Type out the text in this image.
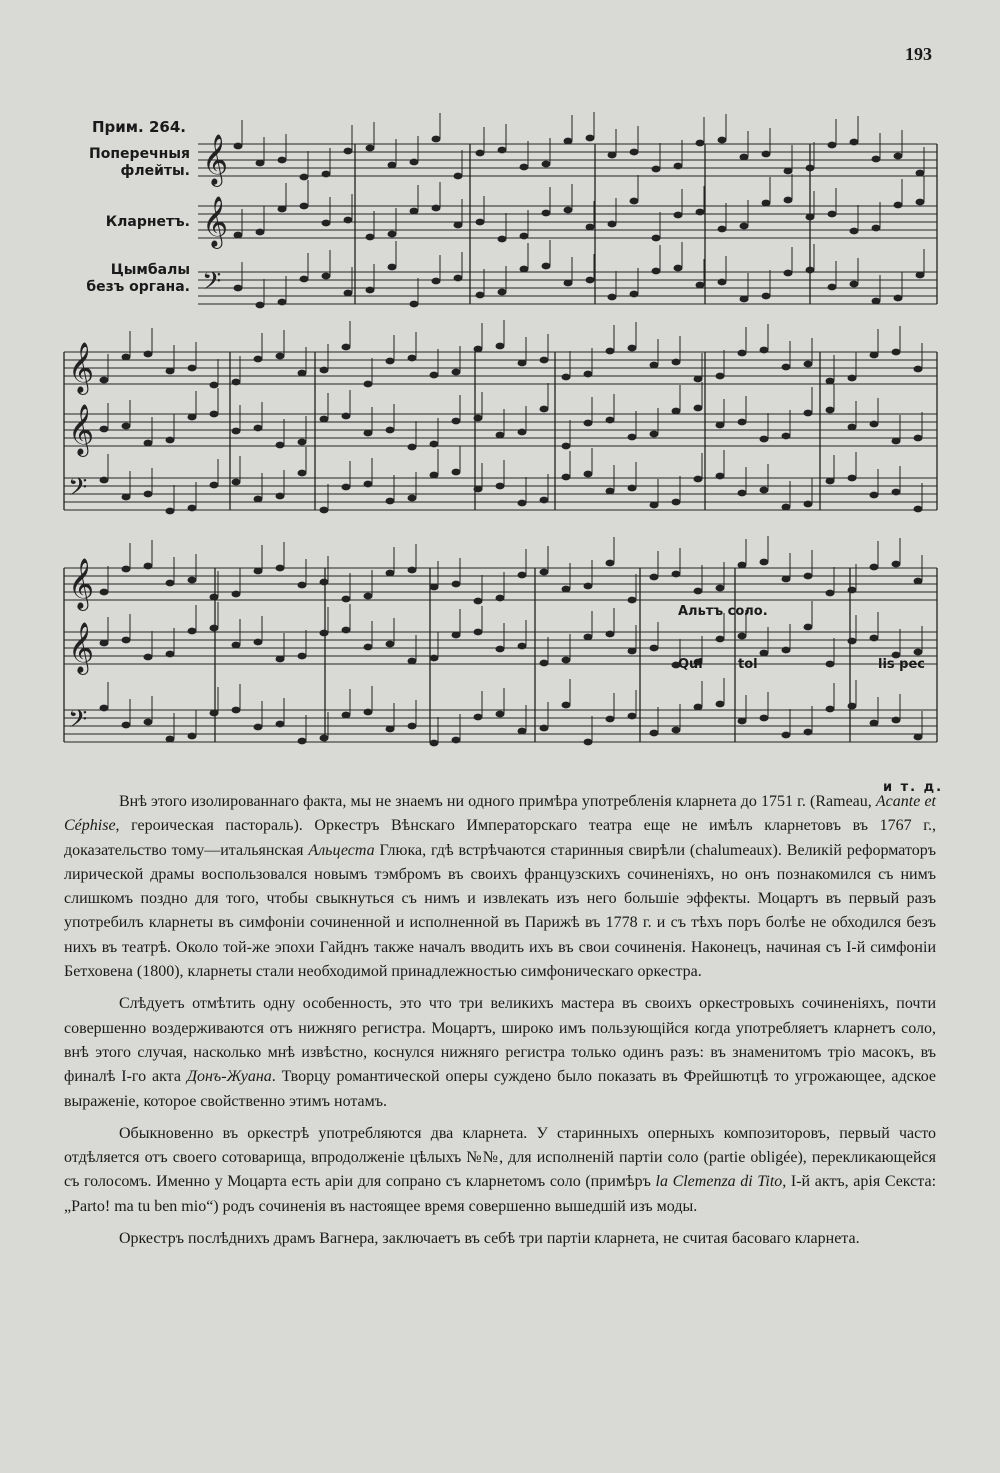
193
Прим. 264.
Поперечныя
флейты.
Кларнетъ.
Цымбалы
безъ органа.
𝄞
𝄞
𝄢
𝄞
𝄞
𝄢
𝄞
𝄞
𝄢
Альтъ соло.
Qui	tol	lis pec
и т. д.

Внѣ этого изолированнаго факта, мы не знаемъ ни одного примѣра употребленія кларнета до 1751 г. (Rameau, Acante et Céphise, героическая пастораль). Оркестръ Вѣнскаго Императорскаго театра еще не имѣлъ кларнетовъ въ 1767 г., доказательство тому—итальянская Альцеста Глюка, гдѣ встрѣчаются старинныя свирѣли (chalumeaux). Великій реформаторъ лирической драмы воспользовался новымъ тэмбромъ въ своихъ французскихъ сочиненіяхъ, но онъ познакомился съ нимъ слишкомъ поздно для того, чтобы свыкнуться съ нимъ и извлекать изъ него большіе эффекты. Моцартъ въ первый разъ употребилъ кларнеты въ симфоніи сочиненной и исполненной въ Парижѣ въ 1778 г. и съ тѣхъ поръ болѣе не обходился безъ нихъ въ театрѣ. Около той-же эпохи Гайднъ также началъ вводить ихъ въ свои сочиненія. Наконецъ, начиная съ I-й симфоніи Бетховена (1800), кларнеты стали необходимой принадлежностью симфоническаго оркестра.

Слѣдуетъ отмѣтить одну особенность, это что три великихъ мастера въ своихъ оркестровыхъ сочиненіяхъ, почти совершенно воздерживаются отъ нижняго регистра. Моцартъ, широко имъ пользующійся когда употребляетъ кларнетъ соло, внѣ этого случая, насколько мнѣ извѣстно, коснулся нижняго регистра только одинъ разъ: въ знаменитомъ тріо масокъ, въ финалѣ I-го акта Донъ-Жуана. Творцу романтической оперы суждено было показать въ Фрейшютцѣ то угрожающее, адское выраженіе, которое свойственно этимъ нотамъ.

Обыкновенно въ оркестрѣ употребляются два кларнета. У старинныхъ оперныхъ композиторовъ, первый часто отдѣляется отъ своего сотоварища, впродолженіе цѣлыхъ №№, для исполненій партіи соло (partie obligée), перекликающейся съ голосомъ. Именно у Моцарта есть аріи для сопрано съ кларнетомъ соло (примѣръ la Clemenza di Tito, I-й актъ, арія Секста: „Parto! ma tu ben mio“) родъ сочиненія въ настоящее время совершенно вышедшій изъ моды.

Оркестръ послѣднихъ драмъ Вагнера, заключаетъ въ себѣ три партіи кларнета, не считая басоваго кларнета.
